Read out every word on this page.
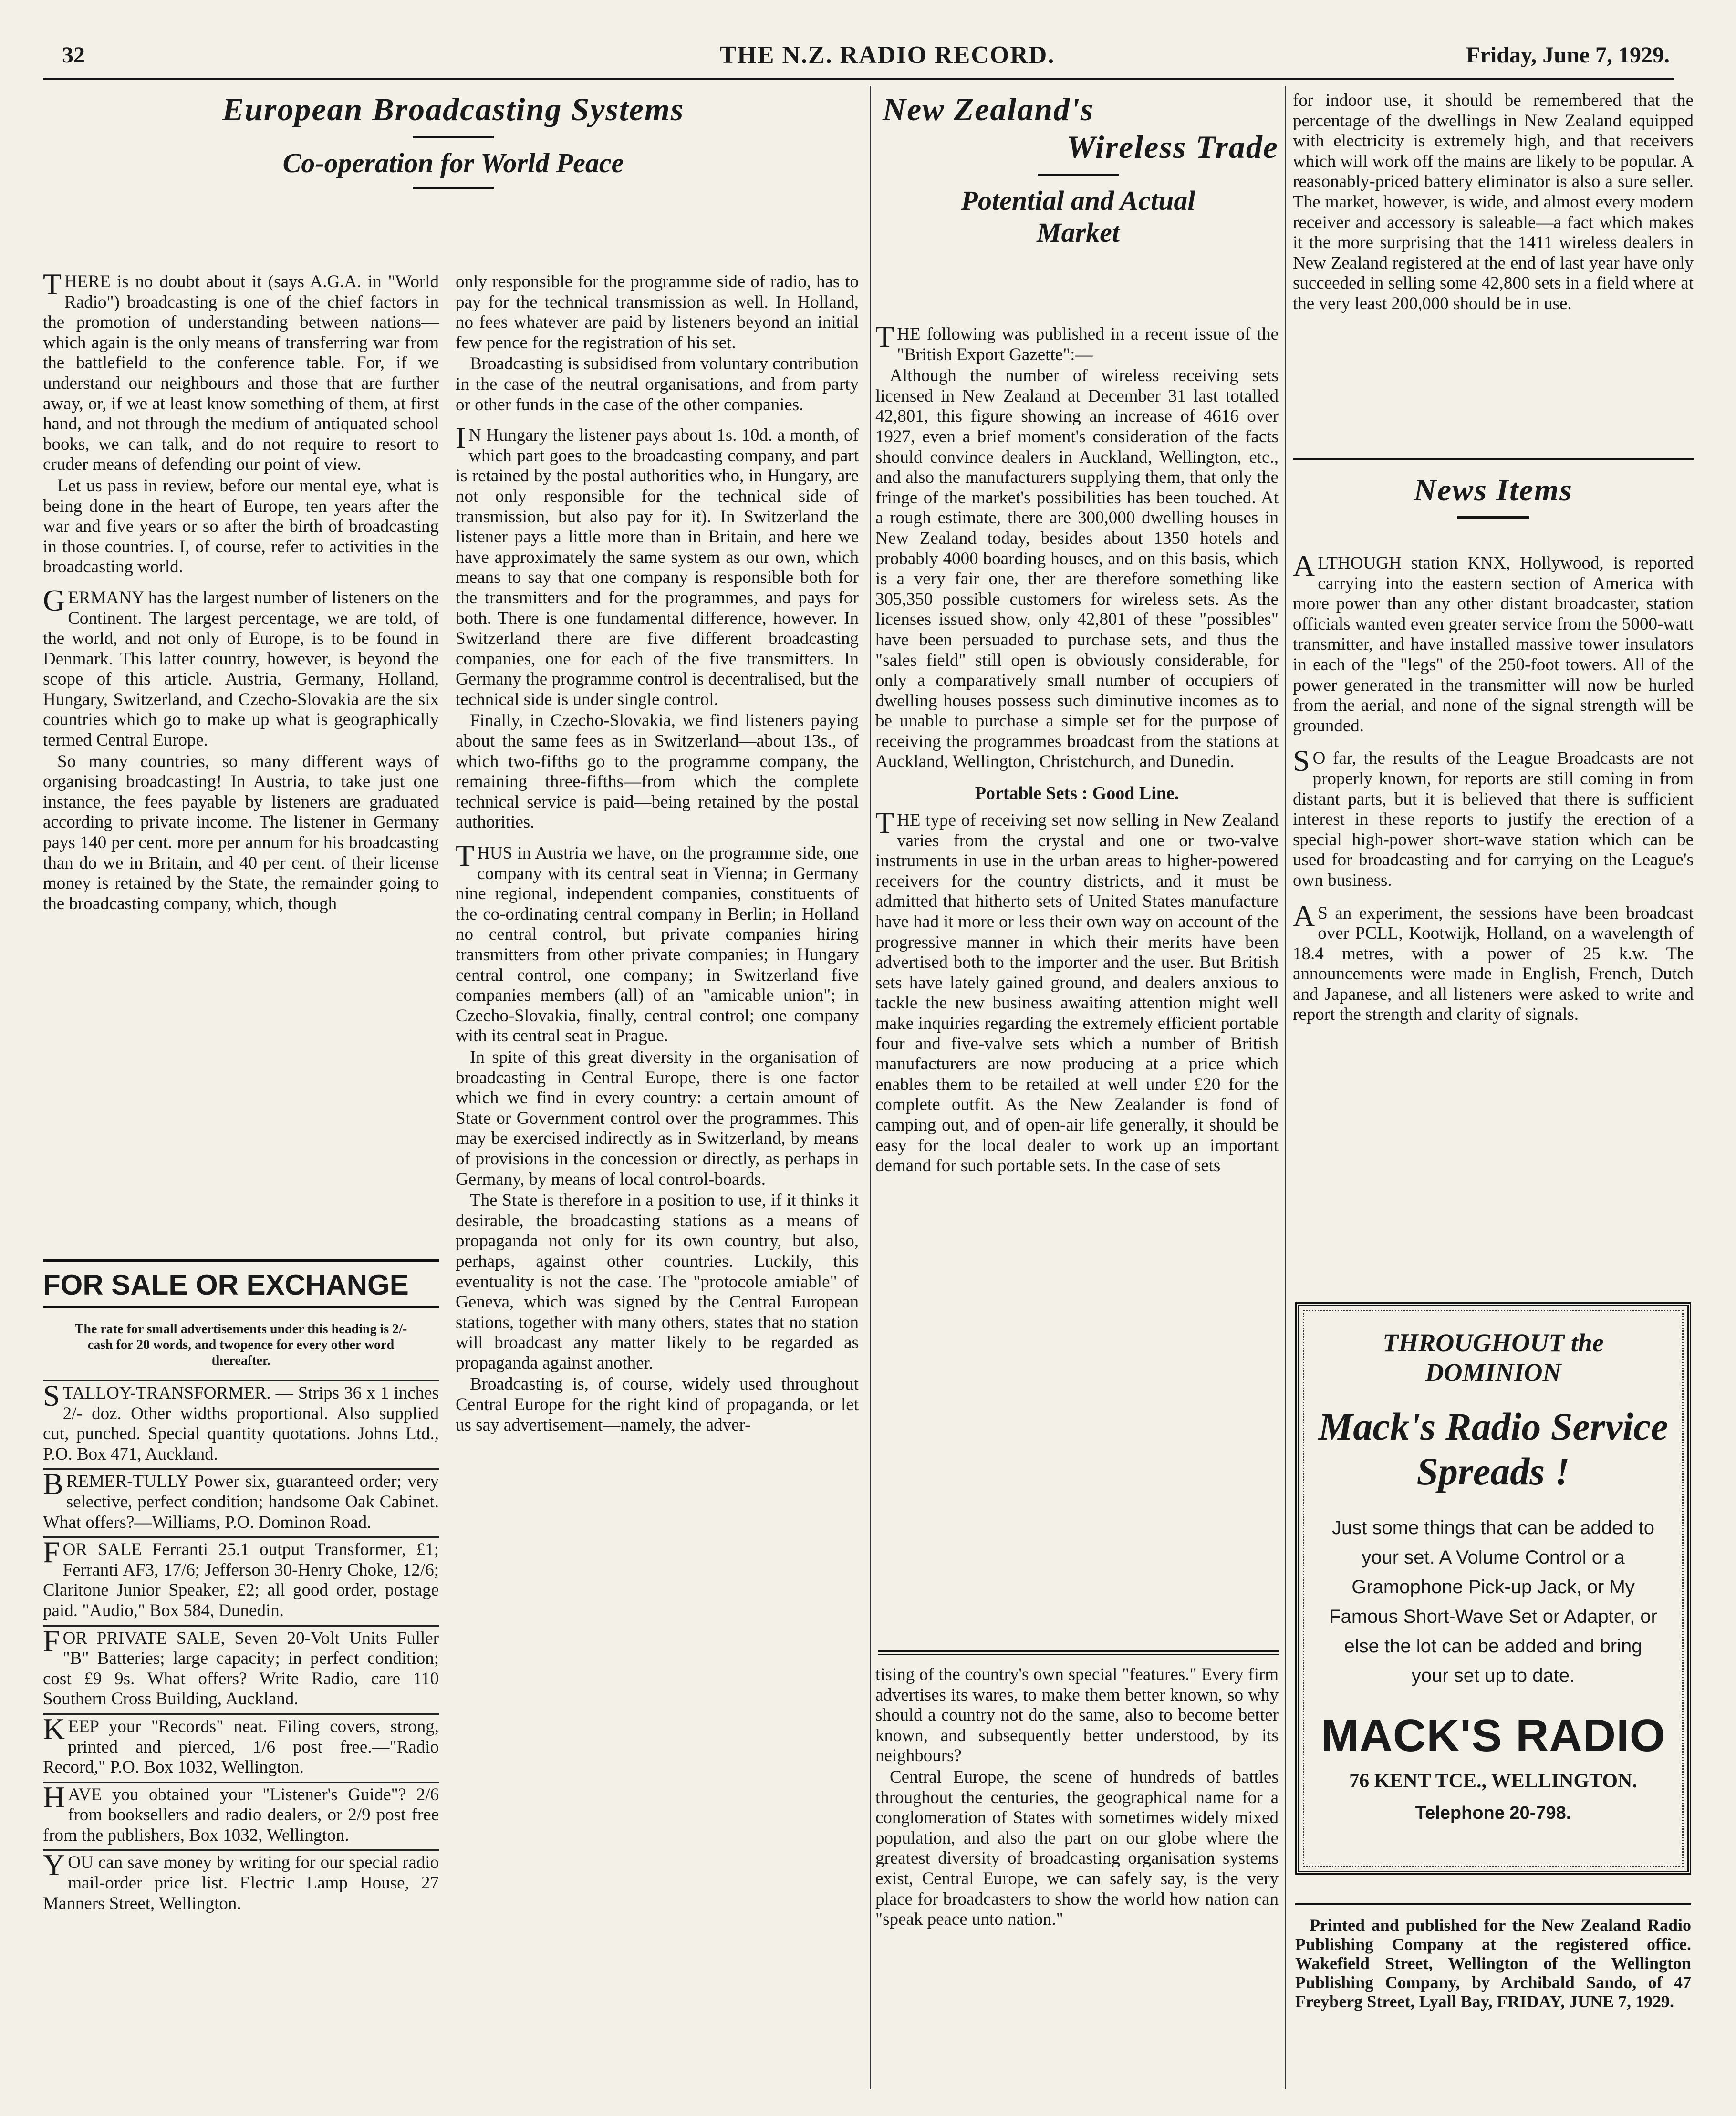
32	THE N.Z. RADIO RECORD.	Friday, June 7, 1929.
European Broadcasting Systems
Co-operation for World Peace

THERE is no doubt about it (says A.G.A. in "World Radio") broadcasting is one of the chief factors in the promotion of understanding between nations—which again is the only means of transferring war from the battlefield to the conference table. For, if we understand our neighbours and those that are further away, or, if we at least know something of them, at first hand, and not through the medium of antiquated school books, we can talk, and do not require to resort to cruder means of defending our point of view.

Let us pass in review, before our mental eye, what is being done in the heart of Europe, ten years after the war and five years or so after the birth of broadcasting in those countries. I, of course, refer to activities in the broadcasting world.

GERMANY has the largest number of listeners on the Continent. The largest percentage, we are told, of the world, and not only of Europe, is to be found in Denmark. This latter country, however, is beyond the scope of this article. Austria, Germany, Holland, Hungary, Switzerland, and Czecho-Slovakia are the six countries which go to make up what is geographically termed Central Europe.

So many countries, so many different ways of organising broadcasting! In Austria, to take just one instance, the fees payable by listeners are graduated according to private income. The listener in Germany pays 140 per cent. more per annum for his broadcasting than do we in Britain, and 40 per cent. of their license money is retained by the State, the remainder going to the broadcasting company, which, though

FOR SALE OR EXCHANGE
The rate for small advertisements under this heading is 2/- cash for 20 words, and twopence for every other word thereafter.

STALLOY-TRANSFORMER. — Strips 36 x 1 inches 2/- doz. Other widths proportional. Also supplied cut, punched. Special quantity quotations. Johns Ltd., P.O. Box 471, Auckland.

BREMER-TULLY Power six, guaranteed order; very selective, perfect condition; handsome Oak Cabinet. What offers?—Williams, P.O. Dominon Road.

FOR SALE Ferranti 25.1 output Transformer, £1; Ferranti AF3, 17/6; Jefferson 30-Henry Choke, 12/6; Claritone Junior Speaker, £2; all good order, postage paid. "Audio," Box 584, Dunedin.

FOR PRIVATE SALE, Seven 20-Volt Units Fuller "B" Batteries; large capacity; in perfect condition; cost £9 9s. What offers? Write Radio, care 110 Southern Cross Building, Auckland.

KEEP your "Records" neat. Filing covers, strong, printed and pierced, 1/6 post free.—"Radio Record," P.O. Box 1032, Wellington.

HAVE you obtained your "Listener's Guide"? 2/6 from booksellers and radio dealers, or 2/9 post free from the publishers, Box 1032, Wellington.

YOU can save money by writing for our special radio mail-order price list. Electric Lamp House, 27 Manners Street, Wellington.

only responsible for the programme side of radio, has to pay for the technical transmission as well. In Holland, no fees whatever are paid by listeners beyond an initial few pence for the registration of his set.

Broadcasting is subsidised from voluntary contribution in the case of the neutral organisations, and from party or other funds in the case of the other companies.

IN Hungary the listener pays about 1s. 10d. a month, of which part goes to the broadcasting company, and part is retained by the postal authorities who, in Hungary, are not only responsible for the technical side of transmission, but also pay for it). In Switzerland the listener pays a little more than in Britain, and here we have approximately the same system as our own, which means to say that one company is responsible both for the transmitters and for the programmes, and pays for both. There is one fundamental difference, however. In Switzerland there are five different broadcasting companies, one for each of the five transmitters. In Germany the programme control is decentralised, but the technical side is under single control.

Finally, in Czecho-Slovakia, we find listeners paying about the same fees as in Switzerland—about 13s., of which two-fifths go to the programme company, the remaining three-fifths—from which the complete technical service is paid—being retained by the postal authorities.

THUS in Austria we have, on the programme side, one company with its central seat in Vienna; in Germany nine regional, independent companies, constituents of the co-ordinating central company in Berlin; in Holland no central control, but private companies hiring transmitters from other private companies; in Hungary central control, one company; in Switzerland five companies members (all) of an "amicable union"; in Czecho-Slovakia, finally, central control; one company with its central seat in Prague.

In spite of this great diversity in the organisation of broadcasting in Central Europe, there is one factor which we find in every country: a certain amount of State or Government control over the programmes. This may be exercised indirectly as in Switzerland, by means of provisions in the concession or directly, as perhaps in Germany, by means of local control-boards.

The State is therefore in a position to use, if it thinks it desirable, the broadcasting stations as a means of propaganda not only for its own country, but also, perhaps, against other countries. Luckily, this eventuality is not the case. The "protocole amiable" of Geneva, which was signed by the Central European stations, together with many others, states that no station will broadcast any matter likely to be regarded as propaganda against another.

Broadcasting is, of course, widely used throughout Central Europe for the right kind of propaganda, or let us say advertisement—namely, the adver-

New Zealand's
Wireless Trade
Potential and Actual
Market

THE following was published in a recent issue of the "British Export Gazette":—

Although the number of wireless receiving sets licensed in New Zealand at December 31 last totalled 42,801, this figure showing an increase of 4616 over 1927, even a brief moment's consideration of the facts should convince dealers in Auckland, Wellington, etc., and also the manufacturers supplying them, that only the fringe of the market's possibilities has been touched. At a rough estimate, there are 300,000 dwelling houses in New Zealand today, besides about 1350 hotels and probably 4000 boarding houses, and on this basis, which is a very fair one, ther are therefore something like 305,350 possible customers for wireless sets. As the licenses issued show, only 42,801 of these "possibles" have been persuaded to purchase sets, and thus the "sales field" still open is obviously considerable, for only a comparatively small number of occupiers of dwelling houses possess such diminutive incomes as to be unable to purchase a simple set for the purpose of receiving the programmes broadcast from the stations at Auckland, Wellington, Christchurch, and Dunedin.

Portable Sets : Good Line.

THE type of receiving set now selling in New Zealand varies from the crystal and one or two-valve instruments in use in the urban areas to higher-powered receivers for the country districts, and it must be admitted that hitherto sets of United States manufacture have had it more or less their own way on account of the progressive manner in which their merits have been advertised both to the importer and the user. But British sets have lately gained ground, and dealers anxious to tackle the new business awaiting attention might well make inquiries regarding the extremely efficient portable four and five-valve sets which a number of British manufacturers are now producing at a price which enables them to be retailed at well under £20 for the complete outfit. As the New Zealander is fond of camping out, and of open-air life generally, it should be easy for the local dealer to work up an important demand for such portable sets. In the case of sets

tising of the country's own special "features." Every firm advertises its wares, to make them better known, so why should a country not do the same, also to become better known, and subsequently better understood, by its neighbours?

Central Europe, the scene of hundreds of battles throughout the centuries, the geographical name for a conglomeration of States with sometimes widely mixed population, and also the part on our globe where the greatest diversity of broadcasting organisation systems exist, Central Europe, we can safely say, is the very place for broadcasters to show the world how nation can "speak peace unto nation."

for indoor use, it should be remembered that the percentage of the dwellings in New Zealand equipped with electricity is extremely high, and that receivers which will work off the mains are likely to be popular. A reasonably-priced battery eliminator is also a sure seller. The market, however, is wide, and almost every modern receiver and accessory is saleable—a fact which makes it the more surprising that the 1411 wireless dealers in New Zealand registered at the end of last year have only succeeded in selling some 42,800 sets in a field where at the very least 200,000 should be in use.

News Items

ALTHOUGH station KNX, Hollywood, is reported carrying into the eastern section of America with more power than any other distant broadcaster, station officials wanted even greater service from the 5000-watt transmitter, and have installed massive tower insulators in each of the "legs" of the 250-foot towers. All of the power generated in the transmitter will now be hurled from the aerial, and none of the signal strength will be grounded.

SO far, the results of the League Broadcasts are not properly known, for reports are still coming in from distant parts, but it is believed that there is sufficient interest in these reports to justify the erection of a special high-power short-wave station which can be used for broadcasting and for carrying on the League's own business.

AS an experiment, the sessions have been broadcast over PCLL, Kootwijk, Holland, on a wavelength of 18.4 metres, with a power of 25 k.w. The announcements were made in English, French, Dutch and Japanese, and all listeners were asked to write and report the strength and clarity of signals.

THROUGHOUT the DOMINION
Mack's Radio Service
Spreads !
Just some things that can be added to your set. A Volume Control or a Gramophone Pick-up Jack, or My Famous Short-Wave Set or Adapter, or else the lot can be added and bring your set up to date.
MACK'S RADIO
76 KENT TCE., WELLINGTON.
Telephone 20-798.

Printed and published for the New Zealand Radio Publishing Company at the registered office. Wakefield Street, Wellington of the Wellington Publishing Company, by Archibald Sando, of 47 Freyberg Street, Lyall Bay, FRIDAY, JUNE 7, 1929.
